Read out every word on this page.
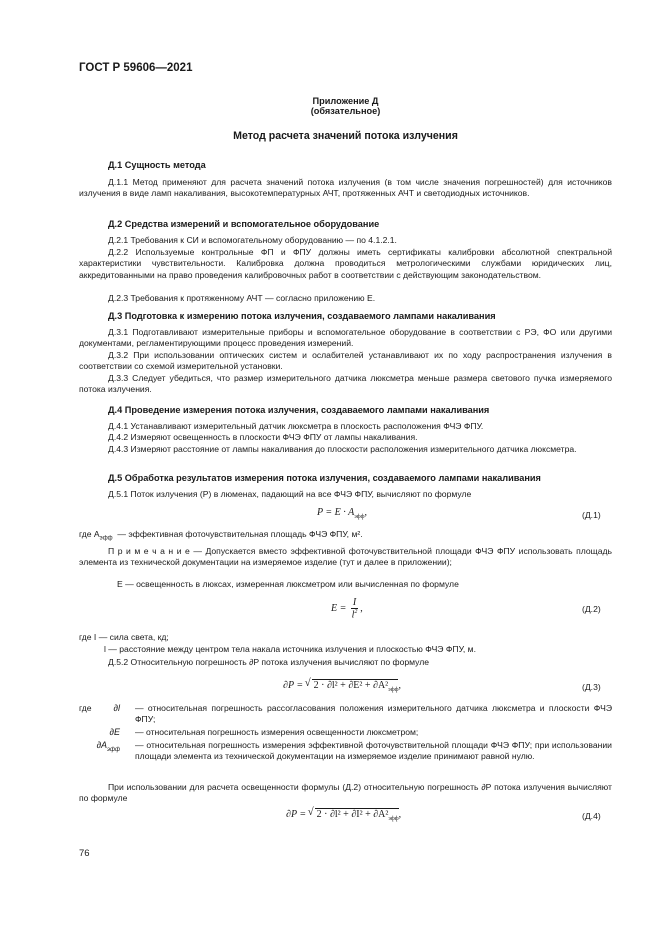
ГОСТ Р 59606—2021
Приложение Д
(обязательное)
Метод расчета значений потока излучения
Д.1 Сущность метода
Д.1.1 Метод применяют для расчета значений потока излучения (в том числе значения погрешностей) для источников излучения в виде ламп накаливания, высокотемпературных АЧТ, протяженных АЧТ и светодиодных источников.
Д.2 Средства измерений и вспомогательное оборудование
Д.2.1 Требования к СИ и вспомогательному оборудованию — по 4.1.2.1.
Д.2.2 Используемые контрольные ФП и ФПУ должны иметь сертификаты калибровки абсолютной спектральной характеристики чувствительности. Калибровка должна проводиться метрологическими службами юридических лиц, аккредитованными на право проведения калибровочных работ в соответствии с действующим законодательством.
Д.2.3 Требования к протяженному АЧТ — согласно приложению Е.
Д.3 Подготовка к измерению потока излучения, создаваемого лампами накаливания
Д.3.1 Подготавливают измерительные приборы и вспомогательное оборудование в соответствии с РЭ, ФО или другими документами, регламентирующими процесс проведения измерений.
Д.3.2 При использовании оптических систем и ослабителей устанавливают их по ходу распространения излучения в соответствии со схемой измерительной установки.
Д.3.3 Следует убедиться, что размер измерительного датчика люксметра меньше размера светового пучка измеряемого потока излучения.
Д.4 Проведение измерения потока излучения, создаваемого лампами накаливания
Д.4.1 Устанавливают измерительный датчик люксметра в плоскость расположения ФЧЭ ФПУ.
Д.4.2 Измеряют освещенность в плоскости ФЧЭ ФПУ от лампы накаливания.
Д.4.3 Измеряют расстояние от лампы накаливания до плоскости расположения измерительного датчика люксметра.
Д.5 Обработка результатов измерения потока излучения, создаваемого лампами накаливания
Д.5.1 Поток излучения (P) в люменах, падающий на все ФЧЭ ФПУ, вычисляют по формуле
$P = E \cdot A_{эфф}$,	(Д.1)
где $A_{эфф}$ — эффективная фоточувствительная площадь ФЧЭ ФПУ, м².
П р и м е ч а н и е — Допускается вместо эффективной фоточувствительной площади ФЧЭ ФПУ использовать площадь элемента из технической документации на измеряемое изделие (тут и далее в приложении);
E — освещенность в люксах, измеренная люксметром или вычисленная по формуле
$E = \frac{I}{l^2}$ ,	(Д.2)
где I — сила света, кд;
l — расстояние между центром тела накала источника излучения и плоскостью ФЧЭ ФПУ, м.
Д.5.2 Относительную погрешность ∂P потока излучения вычисляют по формуле
∂P = √ $2 \cdot \partial l^2 + \partial E^2 + \partial A^2_{эфф}$,	(Д.3)
где	∂l — относительная погрешность рассогласования положения измерительного датчика люксметра и плоскости ФЧЭ ФПУ;
∂E — относительная погрешность измерения освещенности люксметром;
$\partial A_{эфф}$ — относительная погрешность измерения эффективной фоточувствительной площади ФЧЭ ФПУ; при использовании площади элемента из технической документации на измеряемое изделие принимают равной нулю.
При использовании для расчета освещенности формулы (Д.2) относительную погрешность ∂P потока излучения вычисляют по формуле
∂P = √ $2 \cdot \partial l^2 + \partial I^2 + \partial A^2_{эфф}$,	(Д.4)
76
